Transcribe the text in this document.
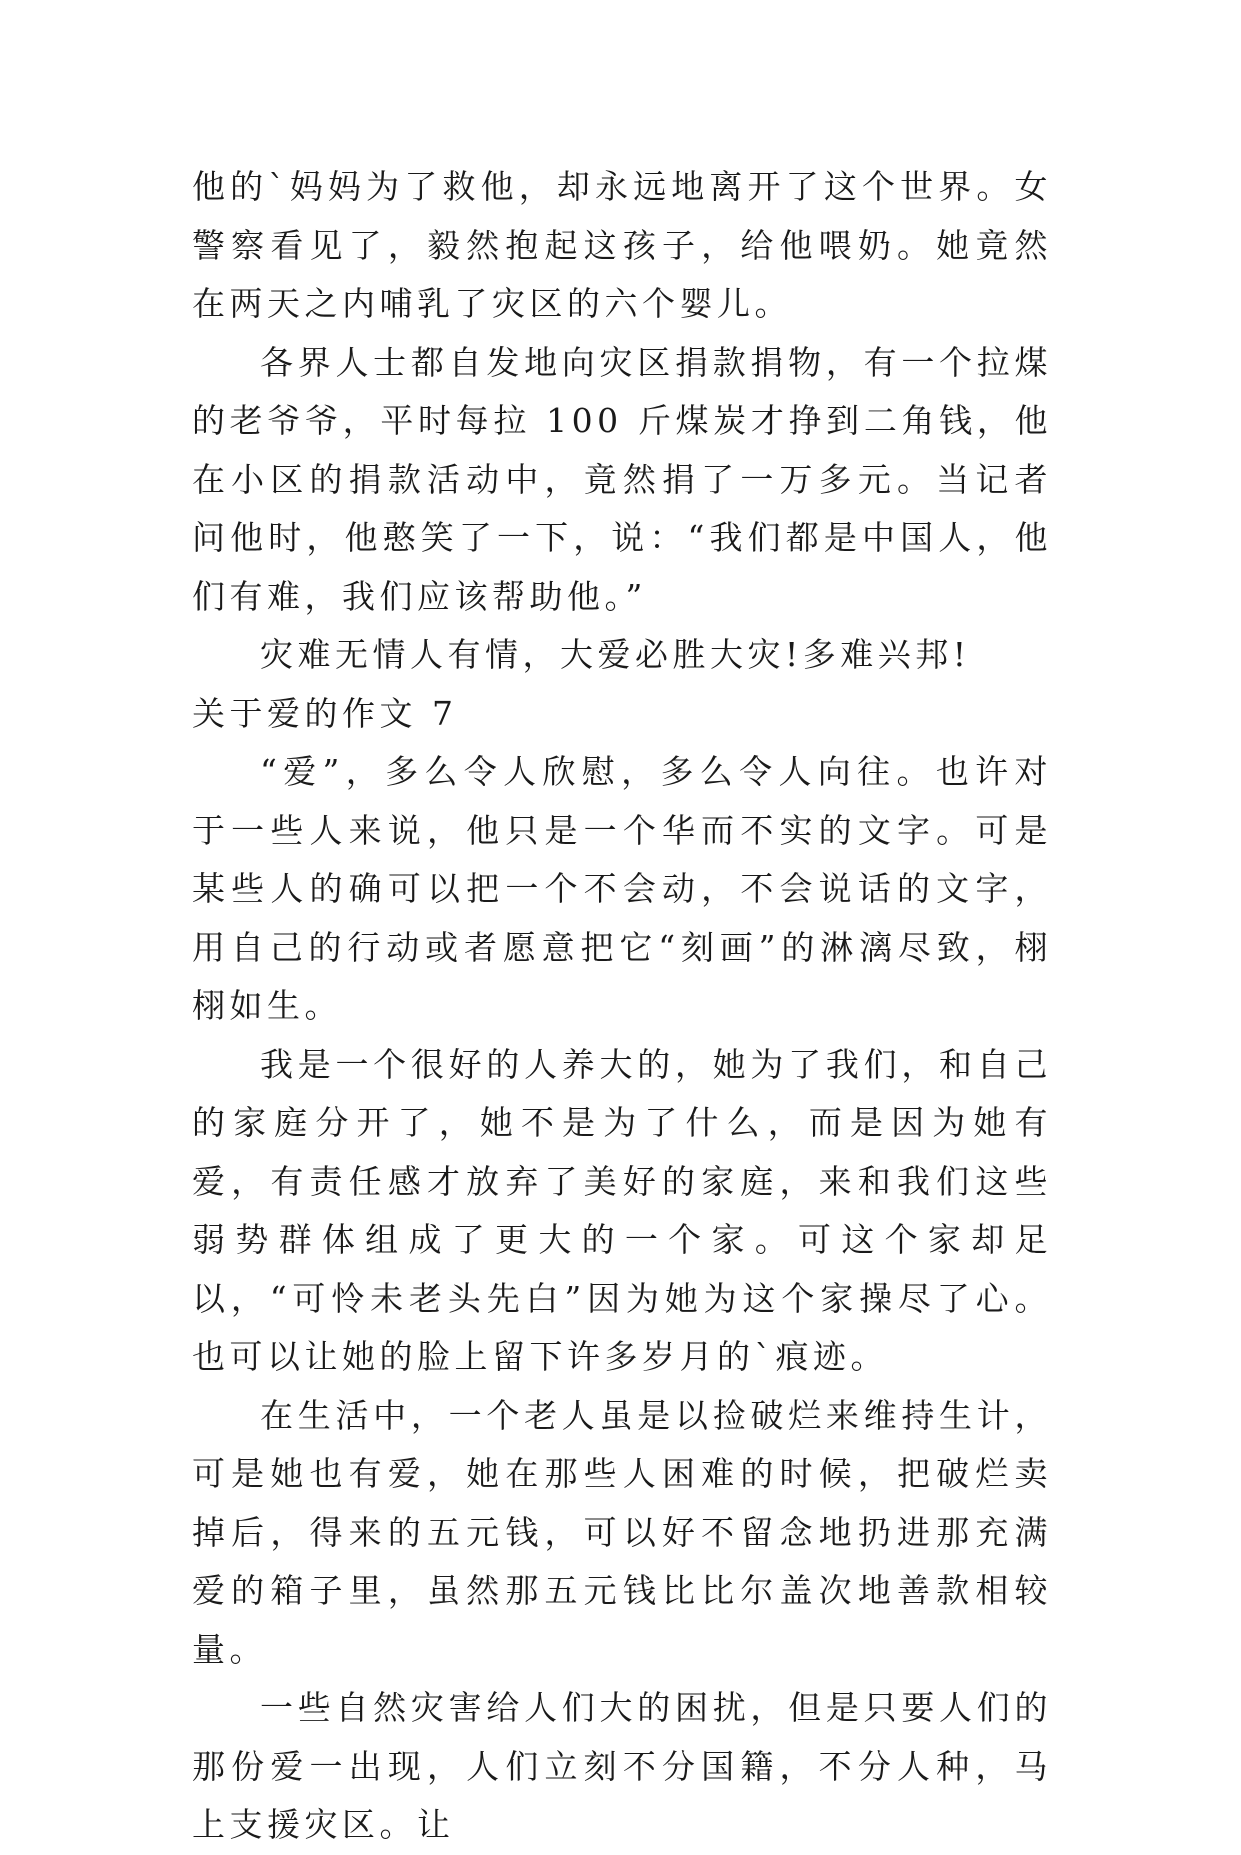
他的`妈妈为了救他，却永远地离开了这个世界。女警察看见了，毅然抱起这孩子，给他喂奶。她竟然在两天之内哺乳了灾区的六个婴儿。

各界人士都自发地向灾区捐款捐物，有一个拉煤的老爷爷，平时每拉 100 斤煤炭才挣到二角钱，他在小区的捐款活动中，竟然捐了一万多元。当记者问他时，他憨笑了一下，说：“我们都是中国人，他们有难，我们应该帮助他。”

灾难无情人有情，大爱必胜大灾!多难兴邦!

关于爱的作文 7

“爱”，多么令人欣慰，多么令人向往。也许对于一些人来说，他只是一个华而不实的文字。可是某些人的确可以把一个不会动，不会说话的文字，用自己的行动或者愿意把它“刻画”的淋漓尽致，栩栩如生。

我是一个很好的人养大的，她为了我们，和自己的家庭分开了，她不是为了什么，而是因为她有爱，有责任感才放弃了美好的家庭，来和我们这些弱势群体组成了更大的一个家。可这个家却足以，“可怜未老头先白”因为她为这个家操尽了心。也可以让她的脸上留下许多岁月的`痕迹。

在生活中，一个老人虽是以捡破烂来维持生计，可是她也有爱，她在那些人困难的时候，把破烂卖掉后，得来的五元钱，可以好不留念地扔进那充满爱的箱子里，虽然那五元钱比比尔盖次地善款相较量。

一些自然灾害给人们大的困扰，但是只要人们的那份爱一出现，人们立刻不分国籍，不分人种，马上支援灾区。让
